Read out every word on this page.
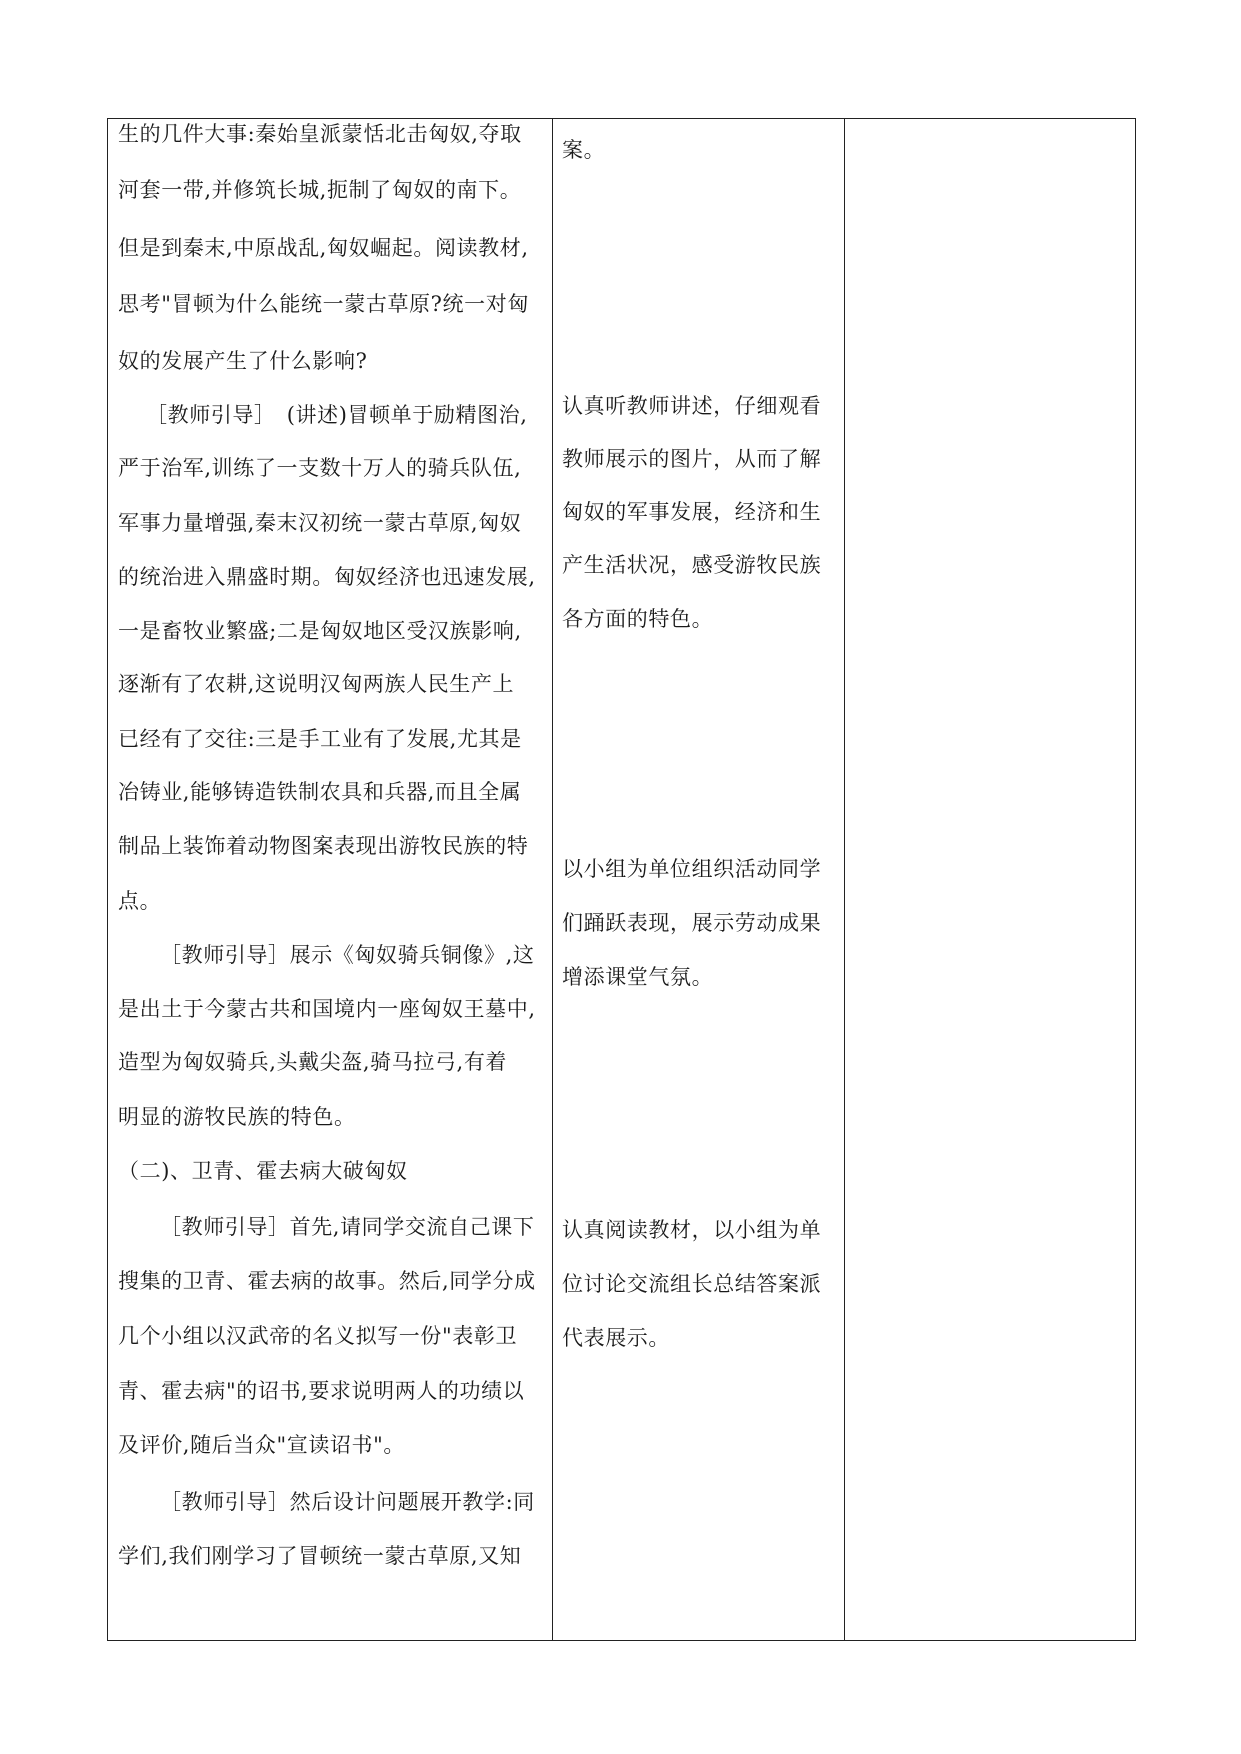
生的几件大事:秦始皇派蒙恬北击匈奴,夺取
河套一带,并修筑长城,扼制了匈奴的南下。
但是到秦末,中原战乱,匈奴崛起。阅读教材,
思考"冒顿为什么能统一蒙古草原?统一对匈
奴的发展产生了什么影响?
［教师引导］　(讲述)冒顿单于励精图治,
严于治军,训练了一支数十万人的骑兵队伍,
军事力量增强,秦末汉初统一蒙古草原,匈奴
的统治进入鼎盛时期。匈奴经济也迅速发展,
一是畜牧业繁盛;二是匈奴地区受汉族影响,
逐渐有了农耕,这说明汉匈两族人民生产上
已经有了交往:三是手工业有了发展,尤其是
冶铸业,能够铸造铁制农具和兵器,而且全属
制品上装饰着动物图案表现出游牧民族的特
点。
［教师引导］展示《匈奴骑兵铜像》,这
是出土于今蒙古共和国境内一座匈奴王墓中,
造型为匈奴骑兵,头戴尖盔,骑马拉弓,有着
明显的游牧民族的特色。
（二)、卫青、霍去病大破匈奴
［教师引导］首先,请同学交流自己课下
搜集的卫青、霍去病的故事。然后,同学分成
几个小组以汉武帝的名义拟写一份"表彰卫
青、霍去病"的诏书,要求说明两人的功绩以
及评价,随后当众"宣读诏书"。
［教师引导］然后设计问题展开教学:同
学们,我们刚学习了冒顿统一蒙古草原,又知
案。
认真听教师讲述，仔细观看
教师展示的图片，从而了解
匈奴的军事发展，经济和生
产生活状况，感受游牧民族
各方面的特色。
以小组为单位组织活动同学
们踊跃表现，展示劳动成果
增添课堂气氛。
认真阅读教材，以小组为单
位讨论交流组长总结答案派
代表展示。
